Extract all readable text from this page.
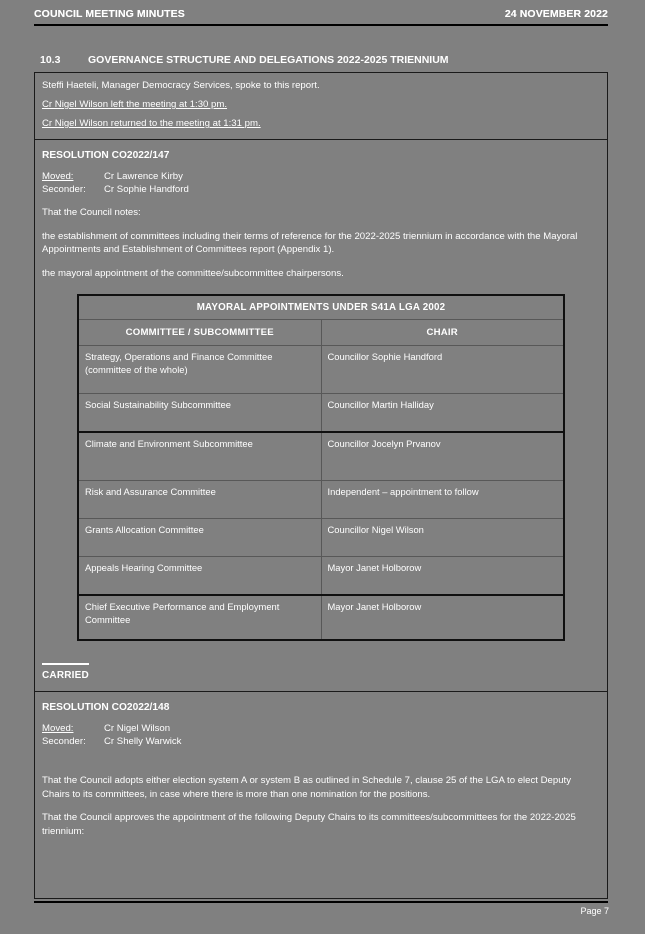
COUNCIL MEETING MINUTES	24 NOVEMBER 2022
10.3	GOVERNANCE STRUCTURE AND DELEGATIONS 2022-2025 TRIENNIUM

Steffi Haeteli, Manager Democracy Services, spoke to this report.

Cr Nigel Wilson left the meeting at 1:30 pm.

Cr Nigel Wilson returned to the meeting at 1:31 pm.

RESOLUTION CO2022/147
Moved:	Cr Lawrence Kirby
Seconder:	Cr Sophie Handford

That the Council notes:

the establishment of committees including their terms of reference for the 2022-2025 triennium in accordance with the Mayoral Appointments and Establishment of Committees report (Appendix 1).

the mayoral appointment of the committee/subcommittee chairpersons.

MAYORAL APPOINTMENTS UNDER S41A LGA 2002	
COMMITTEE / SUBCOMMITTEE	CHAIR
Strategy, Operations and Finance Committee (committee of the whole)	Councillor Sophie Handford
Social Sustainability Subcommittee	Councillor Martin Halliday
Climate and Environment Subcommittee	Councillor Jocelyn Prvanov
Risk and Assurance Committee	Independent – appointment to follow
Grants Allocation Committee	Councillor Nigel Wilson
Appeals Hearing Committee	Mayor Janet Holborow
Chief Executive Performance and Employment Committee	Mayor Janet Holborow
CARRIED
RESOLUTION CO2022/148
Moved:	Cr Nigel Wilson
Seconder:	Cr Shelly Warwick

That the Council adopts either election system A or system B as outlined in Schedule 7, clause 25 of the LGA to elect Deputy Chairs to its committees, in case where there is more than one nomination for the positions.

That the Council approves the appointment of the following Deputy Chairs to its committees/subcommittees for the 2022-2025 triennium:

Page 7
